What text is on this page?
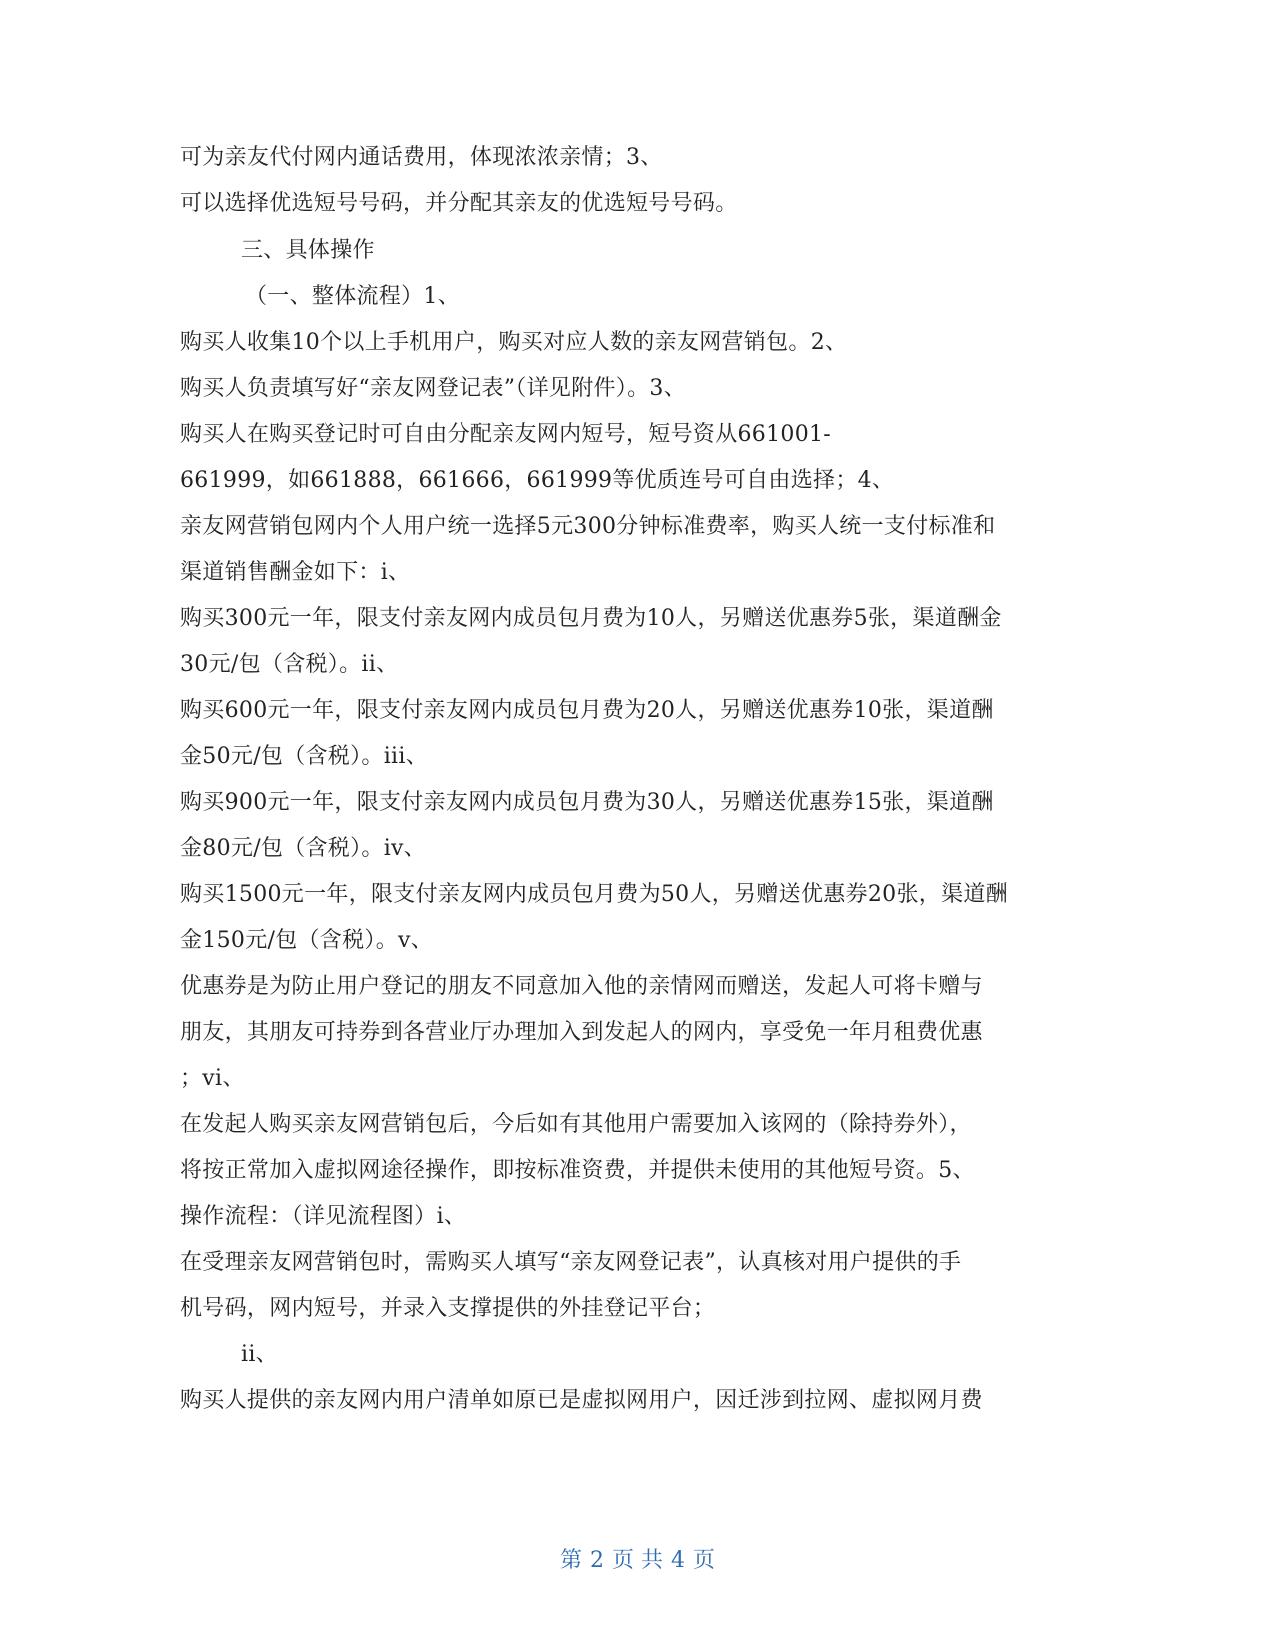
可为亲友代付网内通话费用，体现浓浓亲情；3、
可以选择优选短号号码，并分配其亲友的优选短号号码。
三、具体操作
（一、整体流程）1、
购买人收集10个以上手机用户，购买对应人数的亲友网营销包。2、
购买人负责填写好“亲友网登记表”（详见附件）。3、
购买人在购买登记时可自由分配亲友网内短号，短号资从661001-
661999，如661888，661666，661999等优质连号可自由选择；4、
亲友网营销包网内个人用户统一选择5元300分钟标准费率，购买人统一支付标准和
渠道销售酬金如下：i、
购买300元一年，限支付亲友网内成员包月费为10人，另赠送优惠券5张，渠道酬金
30元/包（含税）。ii、
购买600元一年，限支付亲友网内成员包月费为20人，另赠送优惠券10张，渠道酬
金50元/包（含税）。iii、
购买900元一年，限支付亲友网内成员包月费为30人，另赠送优惠券15张，渠道酬
金80元/包（含税）。iv、
购买1500元一年，限支付亲友网内成员包月费为50人，另赠送优惠券20张，渠道酬
金150元/包（含税）。v、
优惠券是为防止用户登记的朋友不同意加入他的亲情网而赠送，发起人可将卡赠与
朋友，其朋友可持券到各营业厅办理加入到发起人的网内，享受免一年月租费优惠
；vi、
在发起人购买亲友网营销包后，今后如有其他用户需要加入该网的（除持券外），
将按正常加入虚拟网途径操作，即按标准资费，并提供未使用的其他短号资。5、
操作流程：（详见流程图）i、
在受理亲友网营销包时，需购买人填写“亲友网登记表”，认真核对用户提供的手
机号码，网内短号，并录入支撑提供的外挂登记平台；
ii、
购买人提供的亲友网内用户清单如原已是虚拟网用户，因迁涉到拉网、虚拟网月费
第 2 页 共 4 页
